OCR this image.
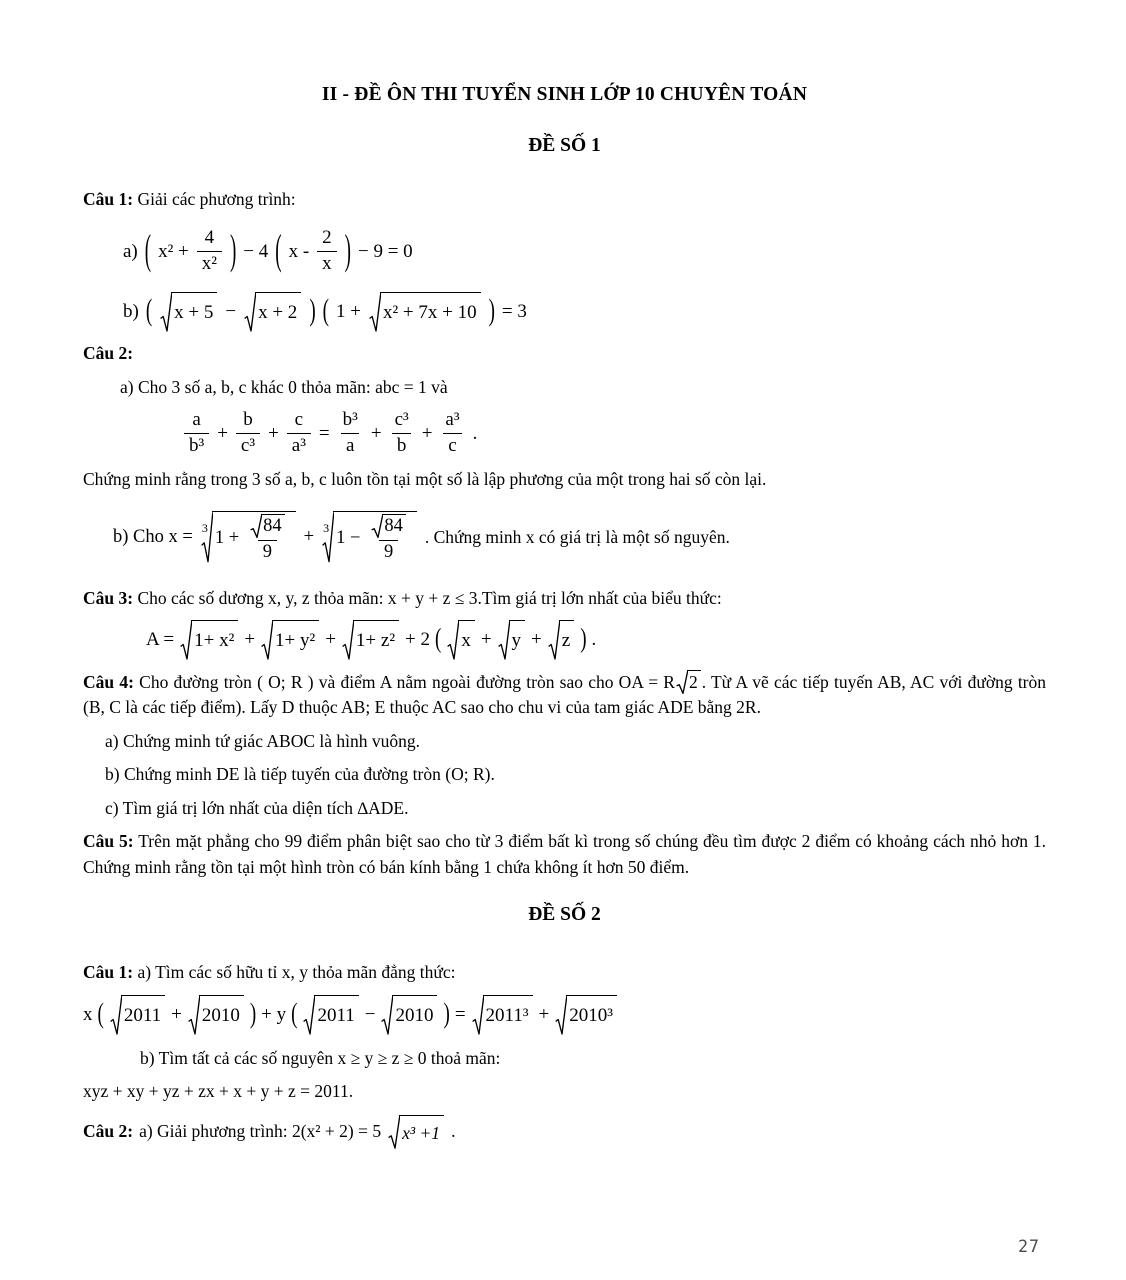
II - ĐỀ ÔN THI TUYỂN SINH LỚP 10 CHUYÊN TOÁN
ĐỀ SỐ 1

Câu 1: Giải các phương trình:

a) ( $x^2 + \frac{4}{\text{x²}}$ ) − 4 ( x - $\frac{2}{x}$ ) − 9 = 0
b) ( x + 5 − x + 2 ) ( 1 + x² + 7x + 10 ) = 3

Câu 2:

a) Cho 3 số a, b, c khác 0 thỏa mãn: abc = 1 và

$\frac{a}{\text{b³}} + \frac{b}{\text{c³}} + \frac{c}{\text{a³}} = \frac{\text{b³}}{a} + \frac{\text{c³}}{b} + \frac{\text{a³}}{c}$ .

Chứng minh rằng trong 3 số a, b, c luôn tồn tại một số là lập phương của một trong hai số còn lại.

b) Cho x = 3 $1 + \frac{84}{9} + 3$ $1 - \frac{84}{9}$ . Chứng minh x có giá trị là một số nguyên.

Câu 3: Cho các số dương x, y, z thỏa mãn: x + y + z ≤ 3.Tìm giá trị lớn nhất của biểu thức:

A = 1+ x² + 1+ y² + 1+ z² + 2 ( x + y + z ) .

Câu 4: Cho đường tròn ( O; R ) và điểm A nằm ngoài đường tròn sao cho OA = R 2 . Từ A vẽ các tiếp tuyến AB, AC với đường tròn (B, C là các tiếp điểm). Lấy D thuộc AB; E thuộc AC sao cho chu vi của tam giác ADE bằng 2R.

a) Chứng minh tứ giác ABOC là hình vuông.

b) Chứng minh DE là tiếp tuyến của đường tròn (O; R).

c) Tìm giá trị lớn nhất của diện tích ∆ADE.

Câu 5: Trên mặt phẳng cho 99 điểm phân biệt sao cho từ 3 điểm bất kì trong số chúng đều tìm được 2 điểm có khoảng cách nhỏ hơn 1. Chứng minh rằng tồn tại một hình tròn có bán kính bằng 1 chứa không ít hơn 50 điểm.

ĐỀ SỐ 2

Câu 1: a) Tìm các số hữu tỉ x, y thỏa mãn đẳng thức:

x ( 2011 + 2010 ) + y ( 2011 − 2010 ) = 2011³ + 2010³

b) Tìm tất cả các số nguyên x ≥ y ≥ z ≥ 0 thoả mãn:

xyz + xy + yz + zx + x + y + z = 2011.

Câu 2: a) Giải phương trình: 2(x² + 2) = 5 x³ +1 .
27
